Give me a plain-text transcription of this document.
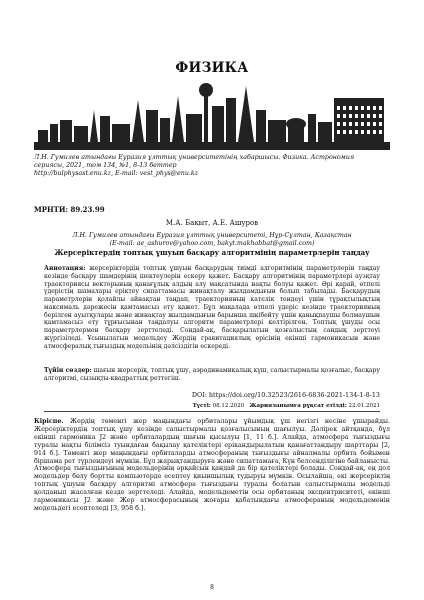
ФИЗИКА
Л.Н. Гумилев атындағы Еуразия ұлттық университетінің хабаршысы. Физика. Астрономия
сериясы, 2021, том 134, №1, 8-13 беттер
http://bulphysast.enu.kz, E-mail: vest_phys@enu.kz
МРНТИ: 89.23.99
М.А. Бақыт, А.Е. Ашуров
Л.Н. Гумилев атындағы Еуразия ұлттық университеті, Нұр-Сұлтан, Қазақстан
(E-mail: ae_ashurov@yahoo.com, bakyt.makhabbat@gmail.com)
Жерсеріктердің топтық ұшуын басқару алгоритмінің параметрлерін таңдау
Аннотация: жерсеріктердің топтық ұшуын басқарудың тиімді алгоритмінің параметрлерін таңдау кезінде басқару шамдерінің шектеулерін ескеру қажет. Басқару алгоритмінің параметрлері аузқтау траекториясы векторының қанағұлық алдың алу мақсатында нақты болуы қажет. Әрі қарай, өтпелі үдерістің шамалары еріктеу сипаттамасы жинақталу жылдамдығын болып табылады. Басқарудың параметрлерін қолайлы айнақтан таңдап, траекторияның кателік тендеуі үшін тұрақтылықтың максималь дәрежесін қамтамасыз ету қажет. Бұл мақалада өтпелі үдеріс кезінде траекторияның берілген ауытқулары және жинақтау жылдамдығын барынша шкібейту үшін қанықпаушы болмаушын қамтамасыз ету тұрғысынан таңдалуы алгоритм параметрлері келтірілген. Топтық ұшуды осы параметрлермен басқару зерттеледі. Сондай-ақ, басқарылатын қозғалыстың сандық зерттеуі жүргізіледі. Ұсынылатын модельдеу Жердің гравитациялық өрісінің екінші гармоникасын және атмосфералық тығыздық модельінің дәлсіздігін ескереді.
Түйін сөздер: шағын жерсерік, топтық ұшу, аэродинамикалық күш, салыстырмалы қозғалыс, басқару алгоритмі, сызықты-квадраттық реттегіш.
DOI: https://doi.org/10.32523/2616-6836-2021-134-1-8-13
Түсті: 08.12.2020 Жарияланымға рұқсат етілді: 22.01.2021
Кіріспе. Жердің төменгі жер маңындағы орбиталары ұйымдық ұш негізгі несіне ұшырайды. Жерсеріктердің топтық ұшу кезінде салыстырмалы қозғалысының шағылуы. Дәлірек айтқанда, бұл екінші гармоника J2 және орбиталардың шағын қысылуы [1, 11 б.]. Алайда, атмосфера тығыздығы туралы нақты білімсіз туындаған бақылау қателіктері ерікандырылатын қанағаттандыру шарттары [2, 914 б.]. Төменгі жер маңындағы орбиталарды атмосфераның тығыздығы айналмалы орбита бойымен біршама рет түрлендеуі мүмкін. Бұл жарықтандыруға және сипаттамаға, Күн белсенділігіне байланысты. Атмосфера тығыздығының модельдерінің əрқайсын қандай да бір қателіктері болады. Сондай-ақ, ең дол модельдер бөлу бортты компьютерде есептеу қиыншылық тудыруы мүмкін. Осылайша, екі жерсеріктің топтық ұшуын басқару алгоритмі атмосфера тығыздығы туралы болатын салыстырмалы модельді қолданып жасалған кезде зерттеледі. Алайда, модельдеметін осы орбитаның эксцентриситеті, екінші гармоникасы J2 және Жер атмосферасының жоғары қабатындағы атмосфераның модельдеменін модельдегі есептеледі [3, 958 б.].
8
